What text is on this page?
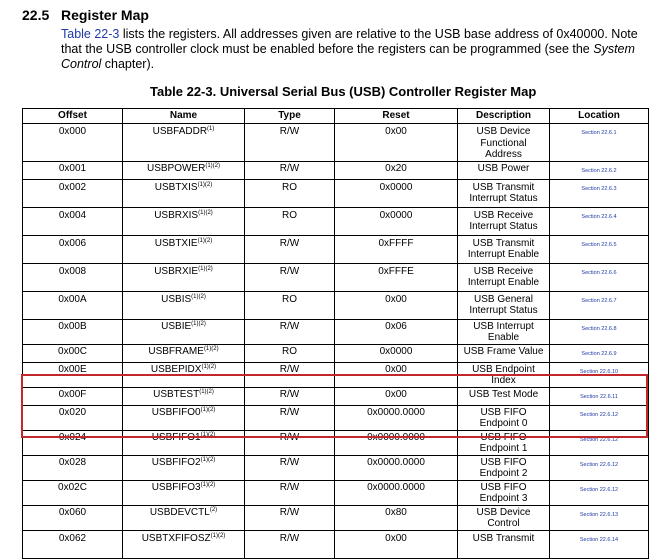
22.5 Register Map
Table 22-3 lists the registers. All addresses given are relative to the USB base address of 0x40000. Note
that the USB controller clock must be enabled before the registers can be programmed (see the System
Control chapter).
Table 22-3. Universal Serial Bus (USB) Controller Register Map
Offset	Name	Type	Reset	Description	Location
0x000	USBFADDR$^{(1)}$	R/W	0x00	USB Device Functional Address	Section 22.6.1
0x001	$USBPOWER^{(1)(2)}$	R/W	0x20	USB Power	Section 22.6.2
0x002	$USBTXIS^{(1)(2)}$	RO	0x0000	USB Transmit Interrupt Status	Section 22.6.3
0x004	$USBRXIS^{(1)(2)}$	RO	0x0000	USB Receive Interrupt Status	Section 22.6.4
0x006	$USBTXIE^{(1)(2)}$	R/W	0xFFFF	USB Transmit Interrupt Enable	Section 22.6.5
0x008	$USBRXIE^{(1)(2)}$	R/W	0xFFFE	USB Receive Interrupt Enable	Section 22.6.6
0x00A	$USBIS^{(1)(2)}$	RO	0x00	USB General Interrupt Status	Section 22.6.7
0x00B	$USBIE^{(1)(2)}$	R/W	0x06	USB Interrupt Enable	Section 22.6.8
0x00C	$USBFRAME^{(1)(2)}$	RO	0x0000	USB Frame Value	Section 22.6.9
0x00E	$USBEPIDX^{(1)(2)}$	R/W	0x00	USB Endpoint Index	Section 22.6.10
0x00F	$USBTEST^{(1)(2)}$	R/W	0x00	USB Test Mode	Section 22.6.11
0x020	$USBFIFO0^{(1)(2)}$	R/W	0x0000.0000	USB FIFO Endpoint 0	Section 22.6.12
0x024	$USBFIFO1^{(1)(2)}$	R/W	0x0000.0000	USB FIFO Endpoint 1	Section 22.6.12
0x028	$USBFIFO2^{(1)(2)}$	R/W	0x0000.0000	USB FIFO Endpoint 2	Section 22.6.12
0x02C	$USBFIFO3^{(1)(2)}$	R/W	0x0000.0000	USB FIFO Endpoint 3	Section 22.6.12
0x060	USBDEVCTL$^{(2)}$	R/W	0x80	USB Device Control	Section 22.6.13
0x062	$USBTXFIFOSZ^{(1)(2)}$	R/W	0x00	USB Transmit	Section 22.6.14
